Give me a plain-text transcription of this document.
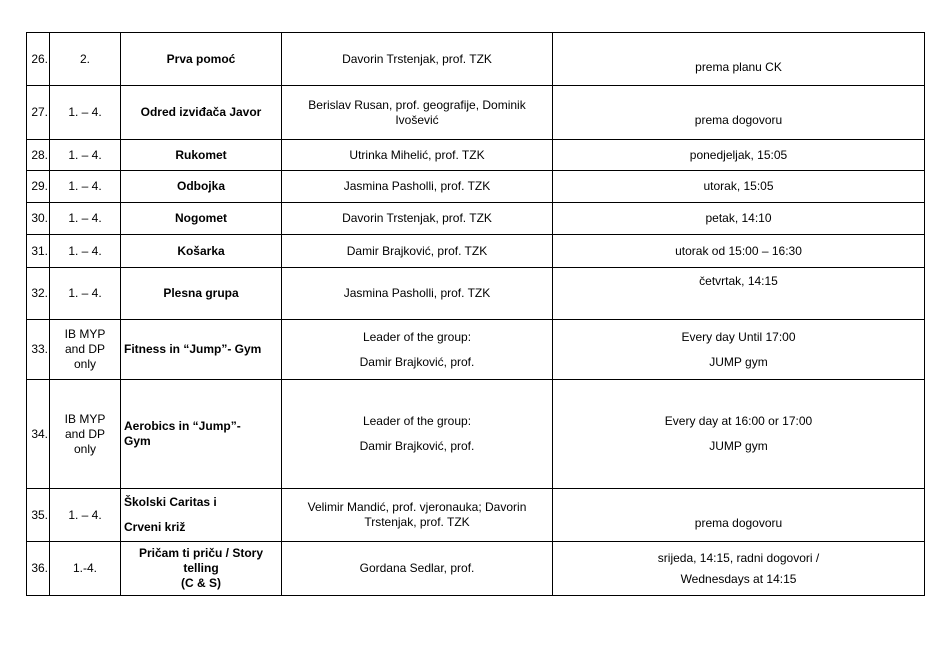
26.	2.	Prva pomoć	Davorin Trstenjak, prof. TZK	prema planu CK

27.	1. – 4.	Odred izviđača Javor	Berislav Rusan, prof. geografije, Dominik Ivošević	prema dogovoru

28.	1. – 4.	Rukomet	Utrinka Mihelić, prof. TZK	ponedjeljak, 15:05
29.	1. – 4.	Odbojka	Jasmina Pasholli, prof. TZK	utorak, 15:05
30.	1. – 4.	Nogomet	Davorin Trstenjak, prof. TZK	petak, 14:10
31.	1. – 4.	Košarka	Damir Brajković, prof. TZK	utorak od 15:00 – 16:30
32.	1. – 4.	Plesna grupa	Jasmina Pasholli, prof. TZK	četvrtak, 14:15
33.	IB MYP
and DP
only	Fitness in “Jump”- Gym	Leader of the group:
Damir Brajković, prof.	Every day Until 17:00
JUMP gym

34.	IB MYP
and DP
only	Aerobics in “Jump”-
Gym	Leader of the group:
Damir Brajković, prof.	Every day at 16:00 or 17:00
JUMP gym

35.	1. – 4.	Školski Caritas i
Crveni križ	Velimir Mandić, prof. vjeronauka; Davorin Trstenjak, prof. TZK	prema dogovoru

36.	1.-4.	Pričam ti priču / Story
telling
(C & S)	Gordana Sedlar, prof.	srijeda, 14:15, radni dogovori /
Wednesdays at 14:15
